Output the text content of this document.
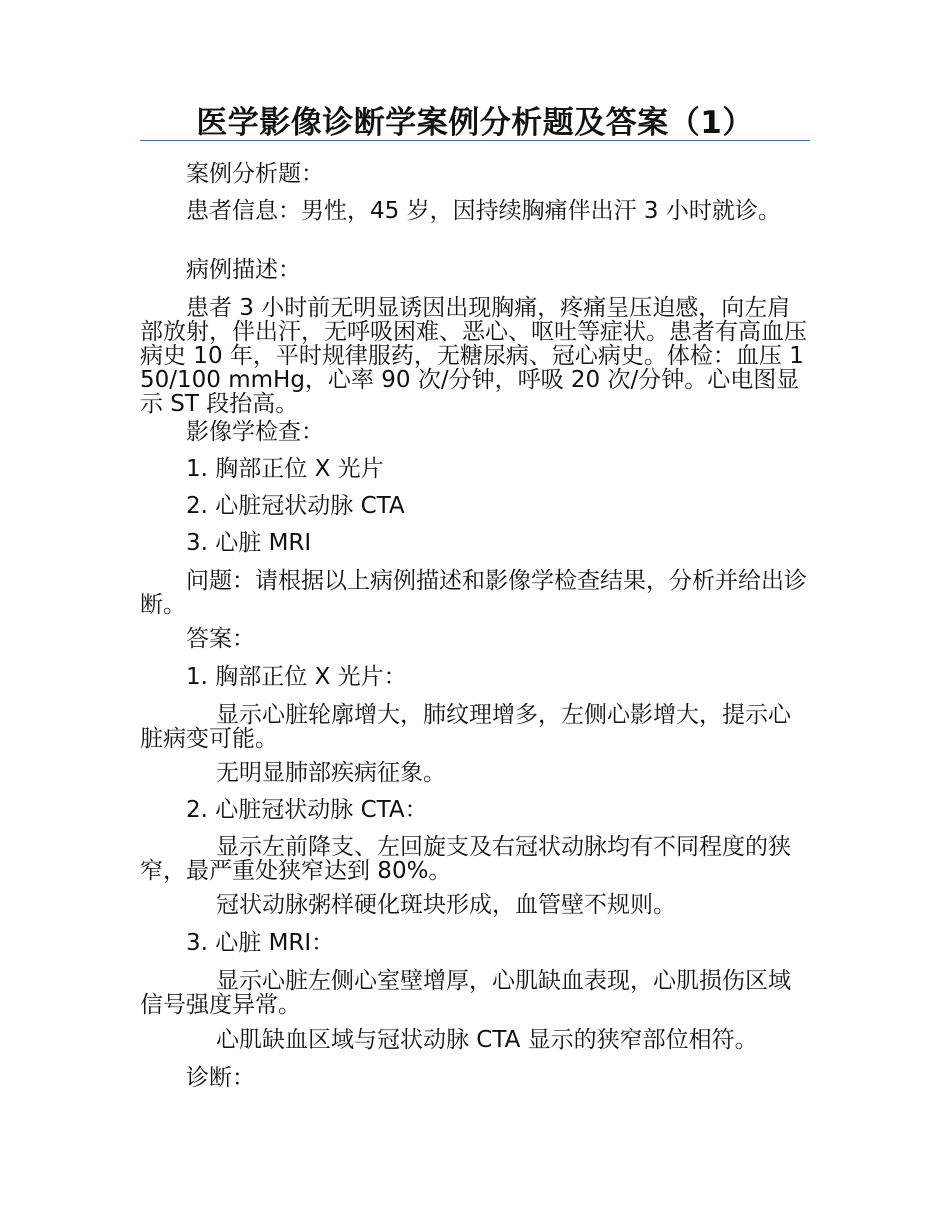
医学影像诊断学案例分析题及答案（1）

案例分析题：

患者信息：男性，45 岁，因持续胸痛伴出汗 3 小时就诊。

病例描述：

患者 3 小时前无明显诱因出现胸痛，疼痛呈压迫感，向左肩部放射，伴出汗，无呼吸困难、恶心、呕吐等症状。患者有高血压病史 10 年，平时规律服药，无糖尿病、冠心病史。体检：血压 150/100 mmHg，心率 90 次/分钟，呼吸 20 次/分钟。心电图显示 ST 段抬高。

影像学检查：

1. 胸部正位 X 光片

2. 心脏冠状动脉 CTA

3. 心脏 MRI

问题：请根据以上病例描述和影像学检查结果，分析并给出诊断。

答案：

1. 胸部正位 X 光片：

显示心脏轮廓增大，肺纹理增多，左侧心影增大，提示心脏病变可能。

无明显肺部疾病征象。

2. 心脏冠状动脉 CTA：

显示左前降支、左回旋支及右冠状动脉均有不同程度的狭窄，最严重处狭窄达到 80%。

冠状动脉粥样硬化斑块形成，血管壁不规则。

3. 心脏 MRI：

显示心脏左侧心室壁增厚，心肌缺血表现，心肌损伤区域信号强度异常。

心肌缺血区域与冠状动脉 CTA 显示的狭窄部位相符。

诊断：
